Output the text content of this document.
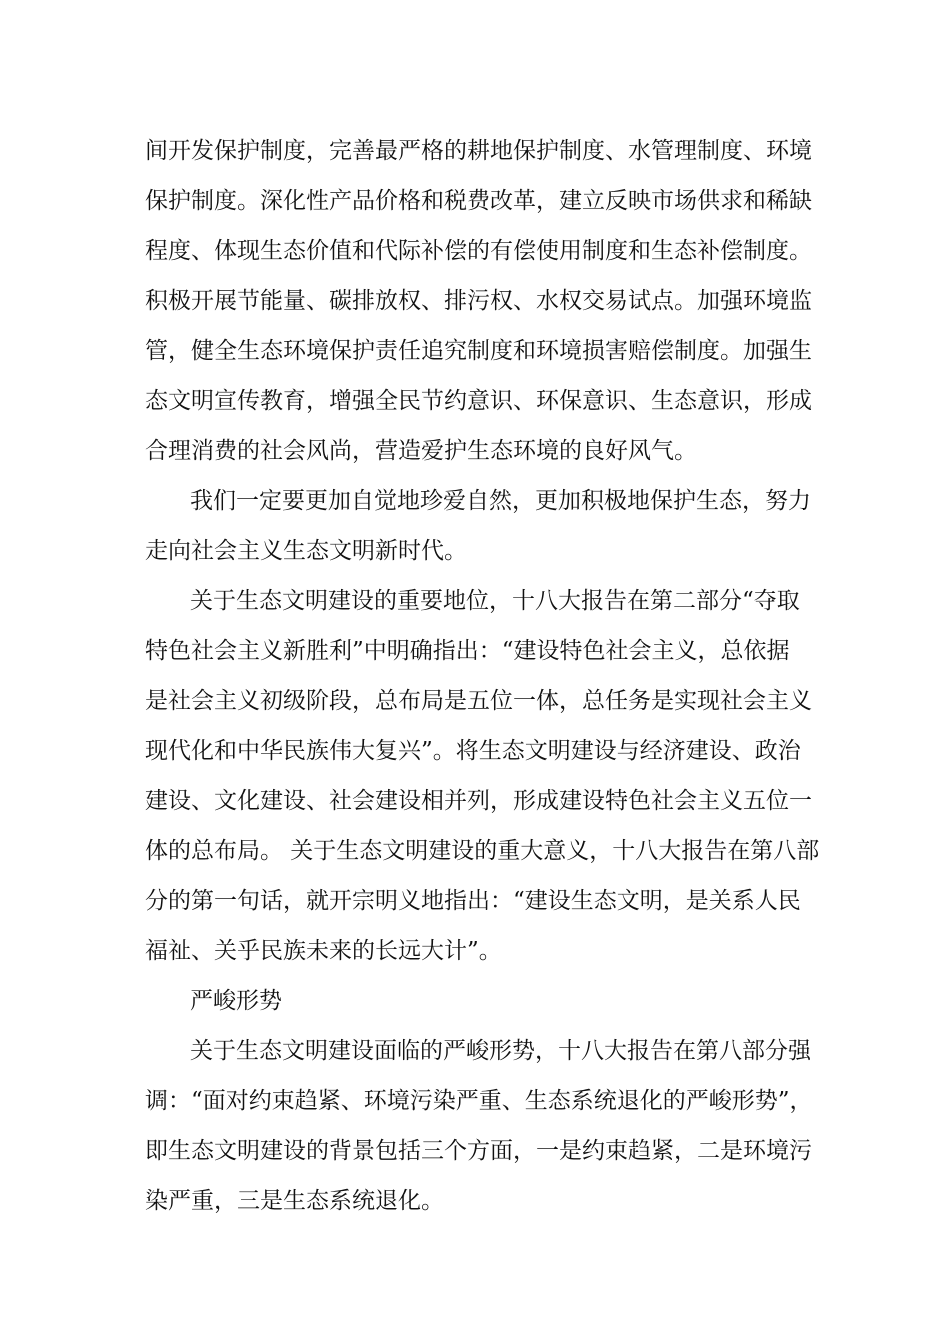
间开发保护制度，完善最严格的耕地保护制度、水管理制度、环境

保护制度。深化性产品价格和税费改革，建立反映市场供求和稀缺

程度、体现生态价值和代际补偿的有偿使用制度和生态补偿制度。

积极开展节能量、碳排放权、排污权、水权交易试点。加强环境监

管，健全生态环境保护责任追究制度和环境损害赔偿制度。加强生

态文明宣传教育，增强全民节约意识、环保意识、生态意识，形成

合理消费的社会风尚，营造爱护生态环境的良好风气。

我们一定要更加自觉地珍爱自然，更加积极地保护生态，努力

走向社会主义生态文明新时代。

关于生态文明建设的重要地位，十八大报告在第二部分“夺取

特色社会主义新胜利”中明确指出：“建设特色社会主义，总依据

是社会主义初级阶段，总布局是五位一体，总任务是实现社会主义

现代化和中华民族伟大复兴”。将生态文明建设与经济建设、政治

建设、文化建设、社会建设相并列，形成建设特色社会主义五位一

体的总布局。 关于生态文明建设的重大意义，十八大报告在第八部

分的第一句话，就开宗明义地指出：“建设生态文明，是关系人民

福祉、关乎民族未来的长远大计”。

严峻形势

关于生态文明建设面临的严峻形势，十八大报告在第八部分强

调：“面对约束趋紧、环境污染严重、生态系统退化的严峻形势”，

即生态文明建设的背景包括三个方面，一是约束趋紧，二是环境污

染严重，三是生态系统退化。
